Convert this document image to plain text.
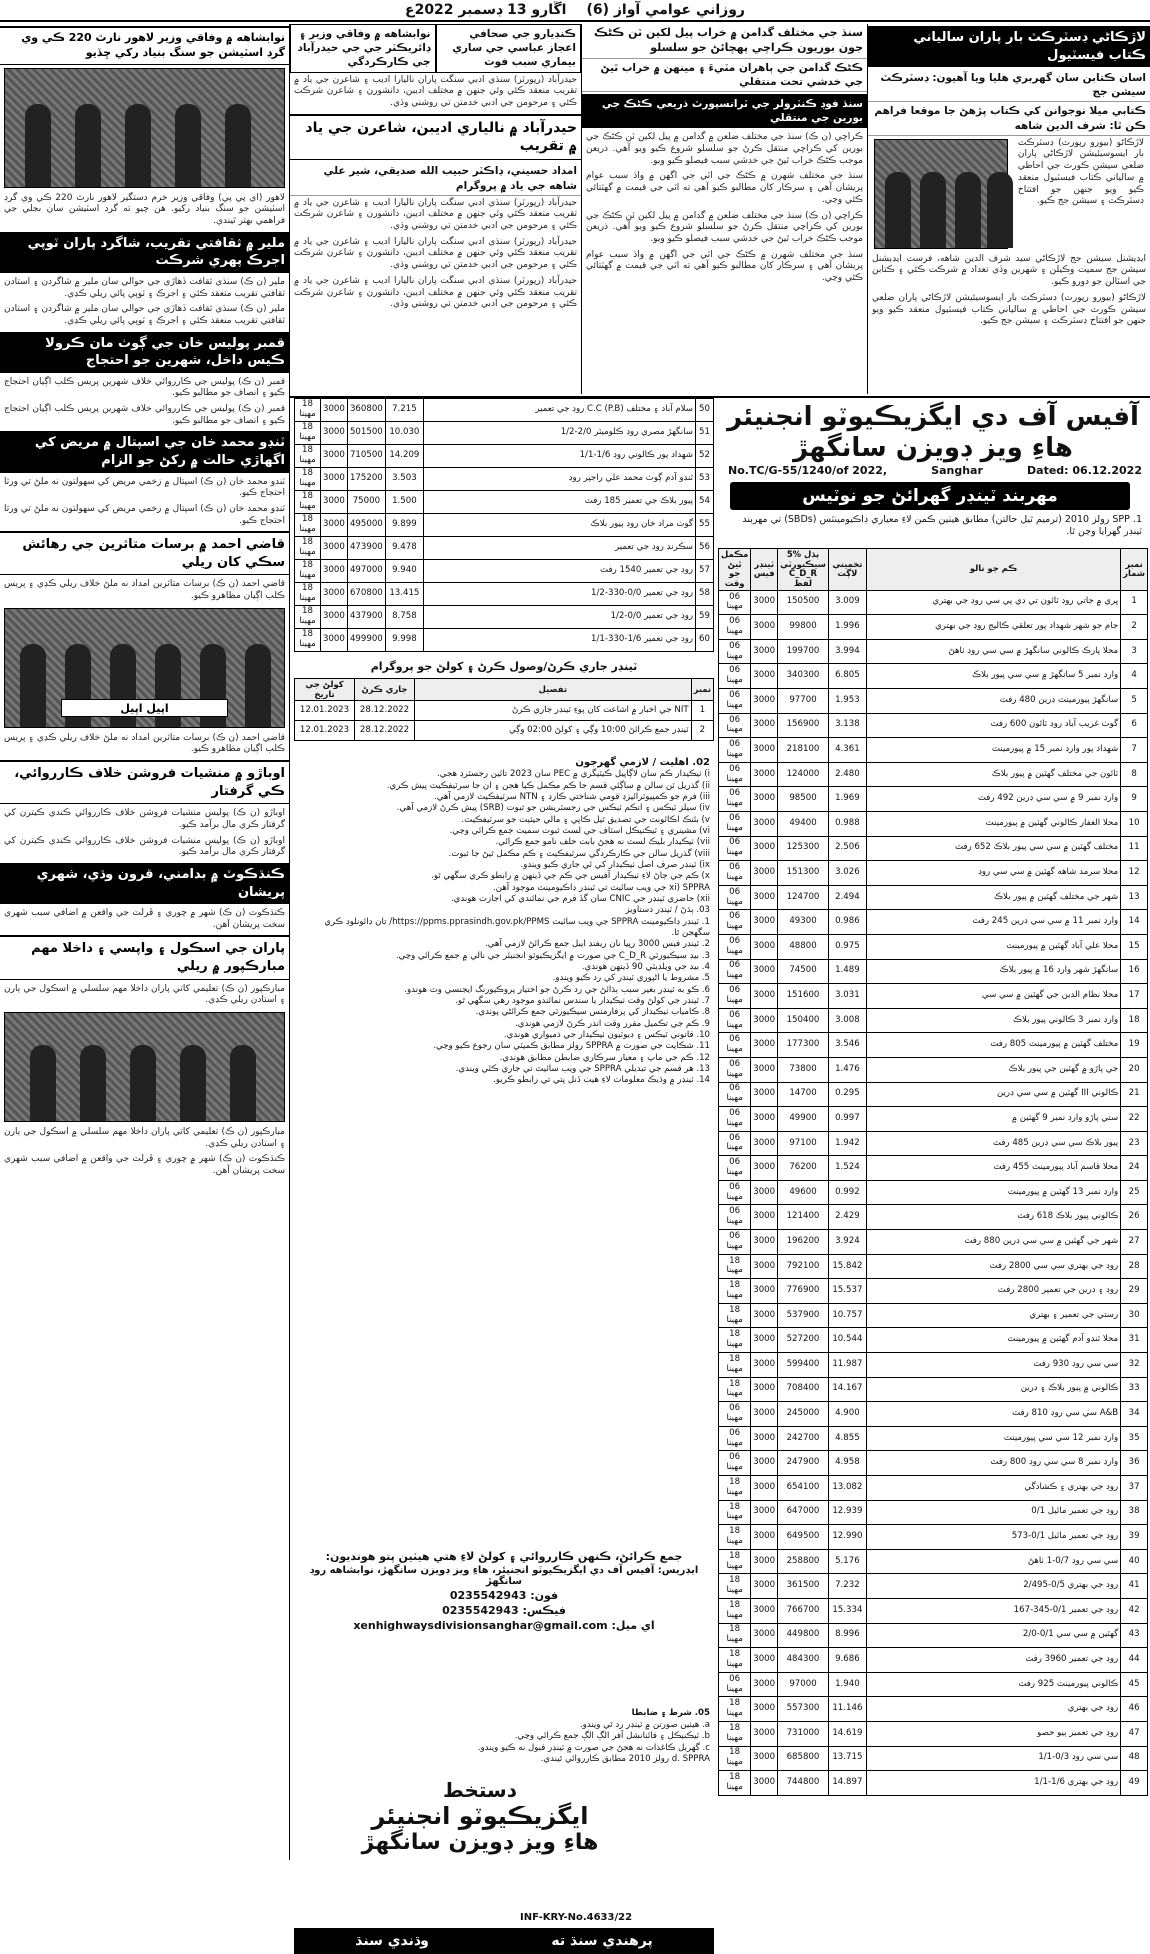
روزاني عوامي آواز (6)
اڱارو 13 ڊسمبر 2022ع
لاڙڪاڻي ڊسٽرڪٽ بار پاران سالياني ڪتاب فيسٽيول
اسان ڪتابن سان گهربري هليا ويا آهيون: ڊسٽرڪٽ سيشن جج
ڪتابي ميلا نوجوانن کي ڪتاب پڙهڻ جا موقعا فراهم ڪن ٿا: شرف الدين شاهه
لاڙڪاڻو (بيورو رپورٽ) ڊسٽرڪٽ بار ايسوسيئيشن لاڙڪاڻي پاران ضلعي سيشن ڪورٽ جي احاطي ۾ سالياني ڪتاب فيسٽيول منعقد ڪيو ويو جنهن جو افتتاح ڊسٽرڪٽ ۽ سيشن جج ڪيو.
ايڊيشنل سيشن جج لاڙڪاڻي سيد شرف الدين شاهه، فرسٽ ايڊيشنل سيشن جج سميت وڪيلن ۽ شهرين وڏي تعداد ۾ شرڪت ڪئي ۽ ڪتابن جي اسٽالن جو دورو ڪيو.
لاڙڪاڻو (بيورو رپورٽ) ڊسٽرڪٽ بار ايسوسيئيشن لاڙڪاڻي پاران ضلعي سيشن ڪورٽ جي احاطي ۾ سالياني ڪتاب فيسٽيول منعقد ڪيو ويو جنهن جو افتتاح ڊسٽرڪٽ ۽ سيشن جج ڪيو.
سنڌ جي مختلف گدامن ۾ خراب پيل لکين ٽن ڪڻڪ جون بوريون ڪراچي پهچائڻ جو سلسلو
ڪڻڪ گدامن جي ٻاهران مٽيءَ ۽ مينهن ۾ خراب ٿيڻ جي خدشي تحت منتقلي
سنڌ فوڊ ڪنٽرولر جي ٽرانسپورٽ ذريعي ڪڻڪ جي بورين جي منتقلي
ڪراچي (ن ڪ) سنڌ جي مختلف ضلعن ۾ گدامن ۾ پيل لکين ٽن ڪڻڪ جي بورين کي ڪراچي منتقل ڪرڻ جو سلسلو شروع ڪيو ويو آهي. ذريعن موجب ڪڻڪ خراب ٿيڻ جي خدشي سبب فيصلو ڪيو ويو.
سنڌ جي مختلف شهرن ۾ ڪڻڪ جي اٽي جي اگهن ۾ واڌ سبب عوام پريشان آهي ۽ سرڪار کان مطالبو ڪيو آهي ته اٽي جي قيمت ۾ گهٽتائي ڪئي وڃي.
ڪراچي (ن ڪ) سنڌ جي مختلف ضلعن ۾ گدامن ۾ پيل لکين ٽن ڪڻڪ جي بورين کي ڪراچي منتقل ڪرڻ جو سلسلو شروع ڪيو ويو آهي. ذريعن موجب ڪڻڪ خراب ٿيڻ جي خدشي سبب فيصلو ڪيو ويو.
سنڌ جي مختلف شهرن ۾ ڪڻڪ جي اٽي جي اگهن ۾ واڌ سبب عوام پريشان آهي ۽ سرڪار کان مطالبو ڪيو آهي ته اٽي جي قيمت ۾ گهٽتائي ڪئي وڃي.
ڪنڊيارو جي صحافي اعجاز عباسي جي ساري بيماري سبب فوت
نوابشاهه ۾ وفاقي وزير ۽ ڊائريڪٽر جي جي حيدرآباد جي ڪارڪردگي
حيدرآباد (رپورٽر) سنڌي ادبي سنگت پاران ناليارا اديب ۽ شاعرن جي ياد ۾ تقريب منعقد ڪئي وئي جنهن ۾ مختلف اديبن، دانشورن ۽ شاعرن شرڪت ڪئي ۽ مرحومن جي ادبي خدمتن تي روشني وڌي.
حيدرآباد ۾ نالياري اديبن، شاعرن جي ياد ۾ تقريب
امداد حسيني، ڊاڪٽر حبيب الله صديقي، شير علي شاهه جي ياد ۾ پروگرام
حيدرآباد (رپورٽر) سنڌي ادبي سنگت پاران ناليارا اديب ۽ شاعرن جي ياد ۾ تقريب منعقد ڪئي وئي جنهن ۾ مختلف اديبن، دانشورن ۽ شاعرن شرڪت ڪئي ۽ مرحومن جي ادبي خدمتن تي روشني وڌي.
حيدرآباد (رپورٽر) سنڌي ادبي سنگت پاران ناليارا اديب ۽ شاعرن جي ياد ۾ تقريب منعقد ڪئي وئي جنهن ۾ مختلف اديبن، دانشورن ۽ شاعرن شرڪت ڪئي ۽ مرحومن جي ادبي خدمتن تي روشني وڌي.
حيدرآباد (رپورٽر) سنڌي ادبي سنگت پاران ناليارا اديب ۽ شاعرن جي ياد ۾ تقريب منعقد ڪئي وئي جنهن ۾ مختلف اديبن، دانشورن ۽ شاعرن شرڪت ڪئي ۽ مرحومن جي ادبي خدمتن تي روشني وڌي.
نوابشاهه ۾ وفاقي وزير لاهور نارٿ 220 ڪي وي گرڊ اسٽيشن جو سنگ بنياد رکي ڇڏيو
لاهور (اي پي پي) وفاقي وزير خرم دستگير لاهور نارٿ 220 ڪي وي گرڊ اسٽيشن جو سنگ بنياد رکيو. هن چيو ته گرڊ اسٽيشن سان بجلي جي فراهمي بهتر ٿيندي.
ملير ۾ ثقافتي تقريب، شاگرد پاران ٽوپي اجرڪ پهري شرڪت
ملير (ن ڪ) سنڌي ثقافت ڏهاڙي جي حوالي سان ملير ۾ شاگردن ۽ استادن ثقافتي تقريب منعقد ڪئي ۽ اجرڪ ۽ ٽوپي پائي ريلي ڪڍي.
ملير (ن ڪ) سنڌي ثقافت ڏهاڙي جي حوالي سان ملير ۾ شاگردن ۽ استادن ثقافتي تقريب منعقد ڪئي ۽ اجرڪ ۽ ٽوپي پائي ريلي ڪڍي.
قمبر پوليس خان جي ڳوٺ مان ڪرولا ڪيس داخل، شهرين جو احتجاج
قمبر (ن ڪ) پوليس جي ڪارروائي خلاف شهرين پريس ڪلب اڳيان احتجاج ڪيو ۽ انصاف جو مطالبو ڪيو.
قمبر (ن ڪ) پوليس جي ڪارروائي خلاف شهرين پريس ڪلب اڳيان احتجاج ڪيو ۽ انصاف جو مطالبو ڪيو.
ٽنڊو محمد خان جي اسپتال ۾ مريض کي اگهاڙي حالت ۾ رکڻ جو الزام
ٽنڊو محمد خان (ن ڪ) اسپتال ۾ زخمي مريض کي سهولتون نه ملڻ تي ورثا احتجاج ڪيو.
ٽنڊو محمد خان (ن ڪ) اسپتال ۾ زخمي مريض کي سهولتون نه ملڻ تي ورثا احتجاج ڪيو.
قاضي احمد ۾ برسات متاثرين جي رهائش سڪي کان ريلي
قاضي احمد (ن ڪ) برسات متاثرين امداد نه ملڻ خلاف ريلي ڪڍي ۽ پريس ڪلب اڳيان مظاهرو ڪيو.
اپيل اپيل
قاضي احمد (ن ڪ) برسات متاثرين امداد نه ملڻ خلاف ريلي ڪڍي ۽ پريس ڪلب اڳيان مظاهرو ڪيو.
اوباڙو ۾ منشيات فروشن خلاف ڪارروائي، ڪي گرفتار
اوباڙو (ن ڪ) پوليس منشيات فروشن خلاف ڪارروائي ڪندي ڪيترن کي گرفتار ڪري مال برآمد ڪيو.
اوباڙو (ن ڪ) پوليس منشيات فروشن خلاف ڪارروائي ڪندي ڪيترن کي گرفتار ڪري مال برآمد ڪيو.
ڪنڌڪوٽ ۾ بدامني، قرون وڌي، شهري پريشان
ڪنڌڪوٽ (ن ڪ) شهر ۾ چوري ۽ ڦرلٽ جي واقعن ۾ اضافي سبب شهري سخت پريشان آهن.
پاران جي اسڪول ۽ واپسي ۽ داخلا مهم مبارڪپور ۾ ريلي
مبارڪپور (ن ڪ) تعليمي کاتي پاران داخلا مهم سلسلي ۾ اسڪول جي ٻارن ۽ استادن ريلي ڪڍي.
مبارڪپور (ن ڪ) تعليمي کاتي پاران داخلا مهم سلسلي ۾ اسڪول جي ٻارن ۽ استادن ريلي ڪڍي.
ڪنڌڪوٽ (ن ڪ) شهر ۾ چوري ۽ ڦرلٽ جي واقعن ۾ اضافي سبب شهري سخت پريشان آهن.
آفيس آف دي ايگزيڪيوٽو انجنيئر
هاءِ ويز ڊويزن سانگهڙ
No.TC/G-55/1240/of 2022,	Sanghar	Dated: 06.12.2022
مهربند ٽينڊر گهرائڻ جو نوٽيس
1. SPP رولز 2010 (ترميم ٿيل حالتن) مطابق هيٺين ڪمن لاءِ معياري ڊاڪيومينٽس (SBDs) تي مهربند ٽينڊر گهرايا وڃن ٿا.
نمبر شمار	ڪم جو نالو	تخميني لاڳت	5% ٻڌل سيڪيورٽي C_D_R لفظ	ٽينڊر فيس	مڪمل ٿيڻ جو وقت
1	ڀري ۾ جاتي روڊ ٽائون تي ڊي پي سي روڊ جي بهتري	3.009	150500	3000	06 مهينا
2	جام جو شهر شهداد پور تعلقي ڪاليج روڊ جي بهتري	1.996	99800	3000	06 مهينا
3	محلا پارڪ ڪالوني سانگهڙ ۾ سي سي روڊ ٺاهڻ	3.994	199700	3000	06 مهينا
4	وارڊ نمبر 5 سانگهڙ ۾ سي سي پيور بلاڪ	6.805	340300	3000	06 مهينا
5	سانگهڙ پيورمينٽ ڊرين 480 رفٽ	1.953	97700	3000	06 مهينا
6	گوٺ غريب آباد روڊ ٽائون 600 رفٽ	3.138	156900	3000	06 مهينا
7	شهداد پور وارڊ نمبر 15 ۾ پيورمينٽ	4.361	218100	3000	06 مهينا
8	ٽائون جي مختلف گهٽين ۾ پيور بلاڪ	2.480	124000	3000	06 مهينا
9	وارڊ نمبر 9 ۾ سي سي ڊرين 492 رفٽ	1.969	98500	3000	06 مهينا
10	محلا الغفار ڪالوني گهٽين ۾ پيورمينٽ	0.988	49400	3000	06 مهينا
11	مختلف گهٽين ۾ سي سي پيور بلاڪ 652 رفٽ	2.506	125300	3000	06 مهينا
12	محلا سرمد شاهه گهٽين ۾ سي سي روڊ	3.026	151300	3000	06 مهينا
13	شهر جي مختلف گهٽين ۾ پيور بلاڪ	2.494	124700	3000	06 مهينا
14	وارڊ نمبر 11 ۾ سي سي ڊرين 245 رفٽ	0.986	49300	3000	06 مهينا
15	محلا علي آباد گهٽين ۾ پيورمينٽ	0.975	48800	3000	06 مهينا
16	سانگهڙ شهر وارڊ 16 ۾ پيور بلاڪ	1.489	74500	3000	06 مهينا
17	محلا نظام الدين جي گهٽين ۾ سي سي	3.031	151600	3000	06 مهينا
18	وارڊ نمبر 3 ڪالوني پيور بلاڪ	3.008	150400	3000	06 مهينا
19	مختلف گهٽين ۾ پيورمينٽ 805 رفٽ	3.546	177300	3000	06 مهينا
20	جي پاڙو ۾ گهٽين جي پيور بلاڪ	1.476	73800	3000	06 مهينا
21	ڪالوني III گهٽين ۾ سي سي ڊرين	0.295	14700	3000	06 مهينا
22	ستي پاڙو وارڊ نمبر 9 گهٽين ۾	0.997	49900	3000	06 مهينا
23	پيور بلاڪ سي سي ڊرين 485 رفٽ	1.942	97100	3000	06 مهينا
24	محلا قاسم آباد پيورمينٽ 455 رفٽ	1.524	76200	3000	06 مهينا
25	وارڊ نمبر 13 گهٽين ۾ پيورمينٽ	0.992	49600	3000	06 مهينا
26	ڪالوني پيور بلاڪ 618 رفٽ	2.429	121400	3000	06 مهينا
27	شهر جي گهٽين ۾ سي سي ڊرين 880 رفٽ	3.924	196200	3000	06 مهينا
28	روڊ جي بهتري سي سي 2800 رفٽ	15.842	792100	3000	18 مهينا
29	روڊ ۽ ڊرين جي تعمير 2800 رفٽ	15.537	776900	3000	18 مهينا
30	رستي جي تعمير ۽ بهتري	10.757	537900	3000	18 مهينا
31	محلا ٽنڊو آدم گهٽين ۾ پيورمينٽ	10.544	527200	3000	18 مهينا
32	سي سي روڊ 930 رفٽ	11.987	599400	3000	18 مهينا
33	ڪالوني ۾ پيور بلاڪ ۽ ڊرين	14.167	708400	3000	18 مهينا
34	A&B سي سي روڊ 810 رفٽ	4.900	245000	3000	06 مهينا
35	وارڊ نمبر 12 سي سي پيورمينٽ	4.855	242700	3000	06 مهينا
36	وارڊ نمبر 8 سي سي روڊ 800 رفٽ	4.958	247900	3000	06 مهينا
37	روڊ جي بهتري ۽ ڪشادگي	13.082	654100	3000	18 مهينا
38	روڊ جي تعمير مائيل 0/1	12.939	647000	3000	18 مهينا
39	روڊ جي تعمير مائيل 0/1-573	12.990	649500	3000	18 مهينا
40	سي سي روڊ 0/7-1 ٺاهڻ	5.176	258800	3000	18 مهينا
41	روڊ جي بهتري 0/5-2/495	7.232	361500	3000	18 مهينا
42	روڊ جي تعمير 0/1-345-167	15.334	766700	3000	18 مهينا
43	گهٽين ۾ سي سي 0/1-2/0	8.996	449800	3000	18 مهينا
44	روڊ جي تعمير 3960 رفٽ	9.686	484300	3000	18 مهينا
45	ڪالوني پيورمينٽ 925 رفٽ	1.940	97000	3000	06 مهينا
46	روڊ جي بهتري	11.146	557300	3000	18 مهينا
47	روڊ جي تعمير ٻيو حصو	14.619	731000	3000	18 مهينا
48	سي سي روڊ 0/3-1/1	13.715	685800	3000	18 مهينا
49	روڊ جي بهتري 1/6-1/1	14.897	744800	3000	18 مهينا
50	سلام آباد ۽ مختلف C.C (P.B) روڊ جي تعمير	7.215	360800	3000	18 مهينا
51	سانگهڙ مصري روڊ ڪلوميٽر 2/0-1/2	10.030	501500	3000	18 مهينا
52	شهداد پور ڪالوني روڊ 1/6-1/1	14.209	710500	3000	18 مهينا
53	ٽنڊو آدم ڳوٺ محمد علي راجپر روڊ	3.503	175200	3000	18 مهينا
54	پيور بلاڪ جي تعمير 185 رفٽ	1.500	75000	3000	18 مهينا
55	گوٺ مراد خان روڊ پيور بلاڪ	9.899	495000	3000	18 مهينا
56	سڪرنڊ روڊ جي تعمير	9.478	473900	3000	18 مهينا
57	روڊ جي تعمير 1540 رفٽ	9.940	497000	3000	18 مهينا
58	روڊ جي تعمير 0/0-330-1/2	13.415	670800	3000	18 مهينا
59	روڊ جي تعمير 0/0-1/2	8.758	437900	3000	18 مهينا
60	روڊ جي تعمير 1/6-330-1/1	9.998	499900	3000	18 مهينا
ٽينڊر جاري ڪرڻ/وصول ڪرڻ ۽ کولڻ جو پروگرام
نمبر	تفصيل	جاري ڪرڻ	کولڻ جي تاريخ
1	NIT جي اخبار ۾ اشاعت کان پوءِ ٽينڊر جاري ڪرڻ	28.12.2022	12.01.2023
2	ٽينڊر جمع ڪرائڻ 10:00 وڳي ۽ کولڻ 02:00 وڳي	28.12.2022	12.01.2023
02. اهليت / لازمي گهرجون
i) ٺيڪيدار ڪم سان لاڳاپيل ڪيٽيگري ۾ PEC سان 2023 تائين رجسٽرڊ هجي.
ii) گذريل ٽن سالن ۾ ساڳئي قسم جا ڪم مڪمل ڪيا هجن ۽ ان جا سرٽيفڪيٽ پيش ڪري.
iii) فرم جو ڪمپيوٽرائيزڊ قومي شناختي ڪارڊ ۽ NTN سرٽيفڪيٽ لازمي آهي.
iv) سيلز ٽيڪس ۽ انڪم ٽيڪس جي رجسٽريشن جو ثبوت (SRB) پيش ڪرڻ لازمي آهي.
v) بئنڪ اڪائونٽ جي تصديق ٿيل ڪاپي ۽ مالي حيثيت جو سرٽيفڪيٽ.
vi) مشينري ۽ ٽيڪنيڪل اسٽاف جي لسٽ ثبوت سميت جمع ڪرائي وڃي.
vii) ٺيڪيدار بليڪ لسٽ نه هجڻ بابت حلف نامو جمع ڪرائي.
viii) گذريل سالن جي ڪارڪردگي سرٽيفڪيٽ ۽ ڪم مڪمل ٿيڻ جا ثبوت.
ix) ٽينڊر صرف اصل ٺيڪيدار کي ئي جاري ڪيو ويندو.
x) ڪم جي ڄاڻ لاءِ ٺيڪيدار آفيس جي ڪم جي ڏينهن ۾ رابطو ڪري سگهي ٿو.
xi) SPPRA جي ويب سائيٽ تي ٽينڊر ڊاڪيومينٽ موجود آهن.
xii) حاضري ٽينڊر جي CNIC سان گڏ فرم جي نمائندي کي اجازت هوندي.
03. ٻڌڻ / ٽينڊر دستاويز
1. ٽينڊر ڊاڪيومينٽ SPPRA جي ويب سائيٽ https://ppms.pprasindh.gov.pk/PPMS/ تان ڊائونلوڊ ڪري سگهجن ٿا.
2. ٽينڊر فيس 3000 رپيا نان ريفنڊ ايبل جمع ڪرائڻ لازمي آهي.
3. بيڊ سيڪيورٽي C_D_R جي صورت ۾ ايگزيڪيوٽو انجنيئر جي نالي ۾ جمع ڪرائي وڃي.
4. بيڊ جي ويلڊيٽي 90 ڏينهن هوندي.
5. مشروط يا اڻپوري ٽينڊر کي رد ڪيو ويندو.
6. ڪو به ٽينڊر بغير سبب ٻڌائڻ جي رد ڪرڻ جو اختيار پروڪيورنگ ايجنسي وٽ هوندو.
7. ٽينڊر جي کولڻ وقت ٺيڪيدار يا سندس نمائندو موجود رهي سگهي ٿو.
8. ڪامياب ٺيڪيدار کي پرفارمنس سيڪيورٽي جمع ڪرائڻي پوندي.
9. ڪم جي تڪميل مقرر وقت اندر ڪرڻ لازمي هوندي.
10. قانوني ٽيڪس ۽ ڊيوٽيون ٺيڪيدار جي ذميواري هوندي.
11. شڪايت جي صورت ۾ SPPRA رولز مطابق ڪميٽي سان رجوع ڪيو وڃي.
12. ڪم جي ماپ ۽ معيار سرڪاري ضابطن مطابق هوندي.
13. هر قسم جي تبديلي SPPRA جي ويب سائيٽ تي جاري ڪئي ويندي.
14. ٽينڊر ۾ وڌيڪ معلومات لاءِ هيٺ ڏنل پتي تي رابطو ڪريو.
جمع ڪرائڻ، ڪنهن ڪارروائي ۽ کولڻ لاءِ هتي هيٺين پتو هونديون:
ايڊريس: آفيس آف دي ايگزيڪيوٽو انجنيئر، هاءِ ويز ڊويزن سانگهڙ، نوابشاهه روڊ سانگهڙ
فون: 0235542943
فيڪس: 0235542943
اي ميل: xenhighwaysdivisionsanghar@gmail.com
05. شرط ۽ ضابطا
a. هيٺين صورتن ۾ ٽينڊر رد ٿي ويندو.
b. ٽيڪنيڪل ۽ فائنانشل آفر الڳ الڳ جمع ڪرائي وڃي.
c. گهربل ڪاغذات نه هجڻ جي صورت ۾ ٽينڊر قبول نه ڪيو ويندو.
d. SPPRA رولز 2010 مطابق ڪارروائي ٿيندي.
دستخط
ايگزيڪيوٽو انجنيئر
هاءِ ويز ڊويزن سانگهڙ
INF-KRY-No.4633/22
پرهندي سنڌ ته
وڌندي سنڌ
